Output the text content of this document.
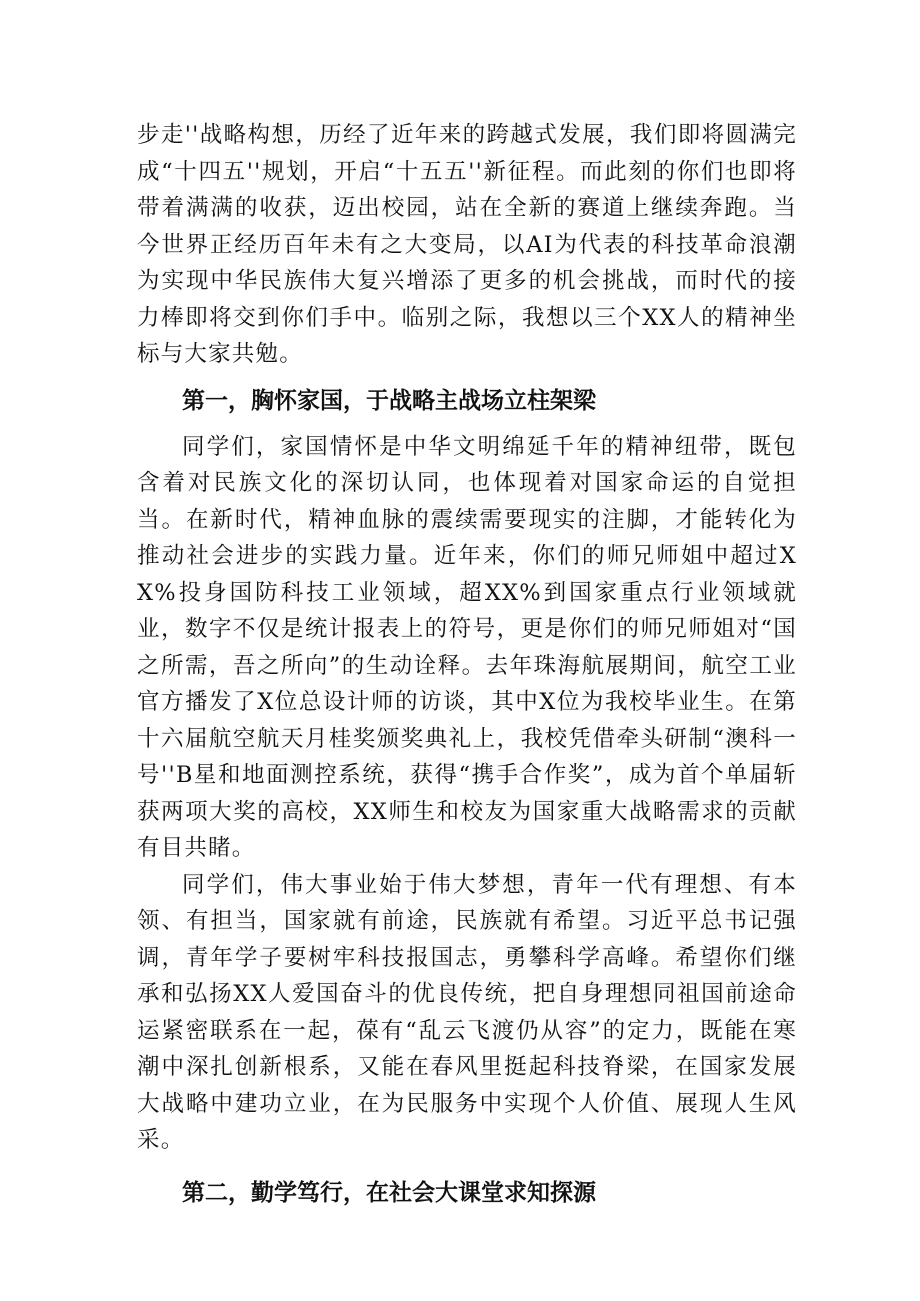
步走''战略构想，历经了近年来的跨越式发展，我们即将圆满完成“十四五''规划，开启“十五五''新征程。而此刻的你们也即将带着满满的收获，迈出校园，站在全新的赛道上继续奔跑。当今世界正经历百年未有之大变局，以AI为代表的科技革命浪潮为实现中华民族伟大复兴增添了更多的机会挑战，而时代的接力棒即将交到你们手中。临别之际，我想以三个XX人的精神坐标与大家共勉。

第一，胸怀家国，于战略主战场立柱架梁

同学们，家国情怀是中华文明绵延千年的精神纽带，既包含着对民族文化的深切认同，也体现着对国家命运的自觉担当。在新时代，精神血脉的震续需要现实的注脚，才能转化为推动社会进步的实践力量。近年来，你们的师兄师姐中超过XX%投身国防科技工业领域，超XX%到国家重点行业领域就业，数字不仅是统计报表上的符号，更是你们的师兄师姐对“国之所需，吾之所向”的生动诠释。去年珠海航展期间，航空工业官方播发了X位总设计师的访谈，其中X位为我校毕业生。在第十六届航空航天月桂奖颁奖典礼上，我校凭借牵头研制“澳科一号''B星和地面测控系统，获得“携手合作奖”，成为首个单届斩获两项大奖的高校，XX师生和校友为国家重大战略需求的贡献有目共睹。

同学们，伟大事业始于伟大梦想，青年一代有理想、有本领、有担当，国家就有前途，民族就有希望。习近平总书记强调，青年学子要树牢科技报国志，勇攀科学高峰。希望你们继承和弘扬XX人爱国奋斗的优良传统，把自身理想同祖国前途命运紧密联系在一起，葆有“乱云飞渡仍从容”的定力，既能在寒潮中深扎创新根系，又能在春风里挺起科技脊梁，在国家发展大战略中建功立业，在为民服务中实现个人价值、展现人生风采。

第二，勤学笃行，在社会大课堂求知探源
